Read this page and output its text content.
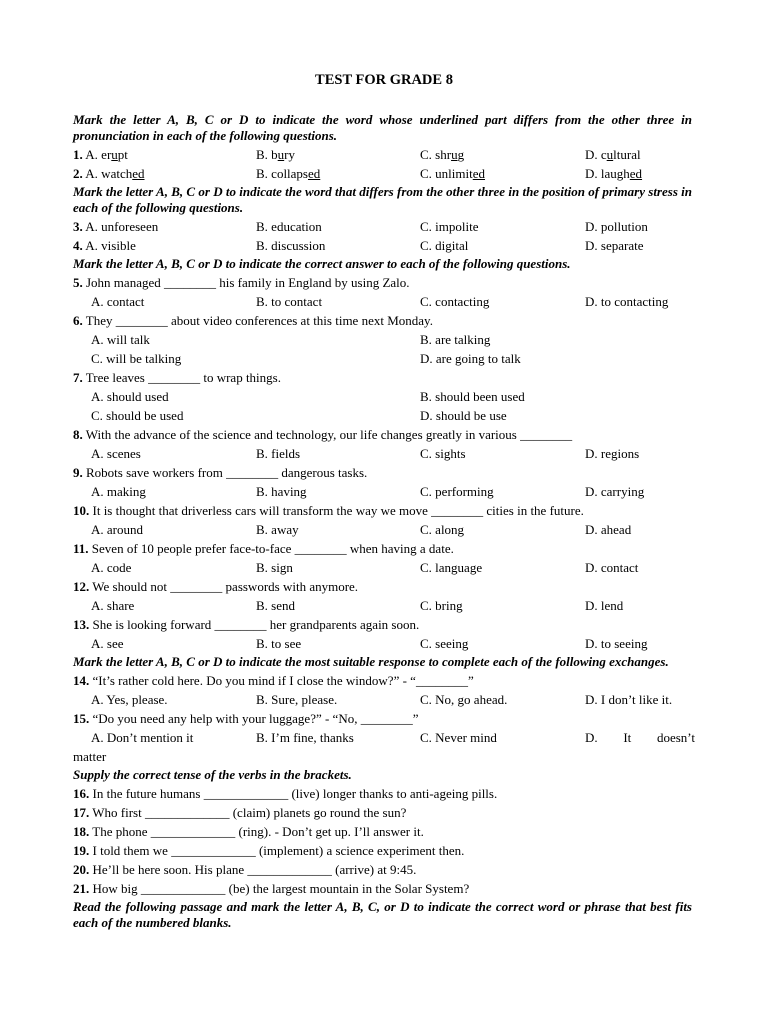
TEST FOR GRADE 8
Mark the letter A, B, C or D to indicate the word whose underlined part differs from the other three in pronunciation in each of the following questions.
1. A. erupt	B. bury	C. shrug	D. cultural
2. A. watched	B. collapsed	C. unlimited	D. laughed
Mark the letter A, B, C or D to indicate the word that differs from the other three in the position of primary stress in each of the following questions.
3. A. unforeseen	B. education	C. impolite	D. pollution
4. A. visible	B. discussion	C. digital	D. separate
Mark the letter A, B, C or D to indicate the correct answer to each of the following questions.
5. John managed ________ his family in England by using Zalo.
A. contact	B. to contact	C. contacting	D. to contacting
6. They ________ about video conferences at this time next Monday.
A. will talk	B. are talking
C. will be talking	D. are going to talk
7. Tree leaves ________ to wrap things.
A. should used	B. should been used
C. should be used	D. should be use
8. With the advance of the science and technology, our life changes greatly in various ________
A. scenes	B. fields	C. sights	D. regions
9. Robots save workers from ________ dangerous tasks.
A. making	B. having	C. performing	D. carrying
10. It is thought that driverless cars will transform the way we move ________ cities in the future.
A. around	B. away	C. along	D. ahead
11. Seven of 10 people prefer face-to-face ________ when having a date.
A. code	B. sign	C. language	D. contact
12. We should not ________ passwords with anymore.
A. share	B. send	C. bring	D. lend
13. She is looking forward ________ her grandparents again soon.
A. see	B. to see	C. seeing	D. to seeing
Mark the letter A, B, C or D to indicate the most suitable response to complete each of the following exchanges.
14. “It’s rather cold here. Do you mind if I close the window?” - “________”
A. Yes, please.	B. Sure, please.	C. No, go ahead.	D. I don’t like it.
15. “Do you need any help with your luggage?” - “No, ________”
A. Don’t mention it	B. I’m fine, thanks	C. Never mind	D. It doesn’t
matter
Supply the correct tense of the verbs in the brackets.
16. In the future humans _____________ (live) longer thanks to anti-ageing pills.
17. Who first _____________ (claim) planets go round the sun?
18. The phone _____________ (ring). - Don’t get up. I’ll answer it.
19. I told them we _____________ (implement) a science experiment then.
20. He’ll be here soon. His plane _____________ (arrive) at 9:45.
21. How big _____________ (be) the largest mountain in the Solar System?
Read the following passage and mark the letter A, B, C, or D to indicate the correct word or phrase that best fits each of the numbered blanks.
